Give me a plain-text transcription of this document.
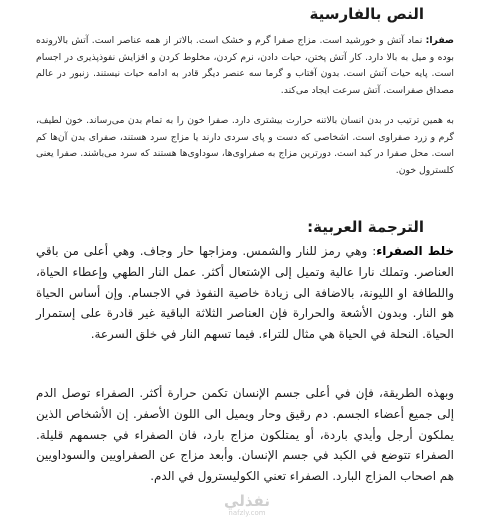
النص بالفارسية
صفرا: نماد آتش و خورشید است. مزاج صفرا گرم و خشک است. بالاتر از همه عناصر است. آتش بالارونده بوده و میل به بالا دارد. کار آتش پختن، حیات دادن، نرم کردن، مخلوط کردن و افزایش نفوذپذیری در اجسام است. پایه حیات آتش است. بدون آفتاب و گرما سه عنصر دیگر قادر به ادامه حیات نیستند. زنبور در عالم مصداق صفراست. آتش سرعت ایجاد می‌کند.
به همین ترتیب در بدن انسان بالاتنه حرارت بیشتری دارد. صفرا خون را به تمام بدن می‌رساند. خون لطیف، گرم و زرد صفراوی است. اشخاصی که دست و پای سردی دارند یا مزاج سرد هستند، صفرای بدن آن‌ها کم است. محل صفرا در کبد است. دورترین مزاج به صفراوی‌ها، سوداوی‌ها هستند که سرد می‌باشند. صفرا یعنی کلسترول خون.
الترجمة العربية:
خلط الصفراء: وهي رمز للنار والشمس. ومزاجها حار وجاف. وهي أعلى من باقي العناصر. وتملك نارا عالية وتميل إلى الإشتعال أكثر. عمل النار الطهي وإعطاء الحياة، واللطافة او الليونة، بالاضافة الى زيادة خاصية النفوذ في الاجسام. وإن أساس الحياة هو النار. وبدون الأشعة والحرارة فإن العناصر الثلاثة الباقية غير قادرة على إستمرار الحياة. النحلة في الحياة هي مثال للتراء. فيما تسهم النار في خلق السرعة.
وبهذه الطريقة، فإن في أعلى جسم الإنسان تكمن حرارة أكثر. الصفراء توصل الدم إلى جميع أعضاء الجسم. دم رقيق وحار ويميل الى اللون الأصفر. إن الأشخاص الذين يملكون أرجل وأيدي باردة، أو يمتلكون مزاج بارد، فان الصفراء في جسمهم قليلة. الصفراء تتوضع في الكبد في جسم الإنسان. وأبعد مزاج عن الصفراويين والسوداويين هم اصحاب المزاج البارد. الصفراء تعني الكوليسترول في الدم.
نفذلي
nafzly.com
